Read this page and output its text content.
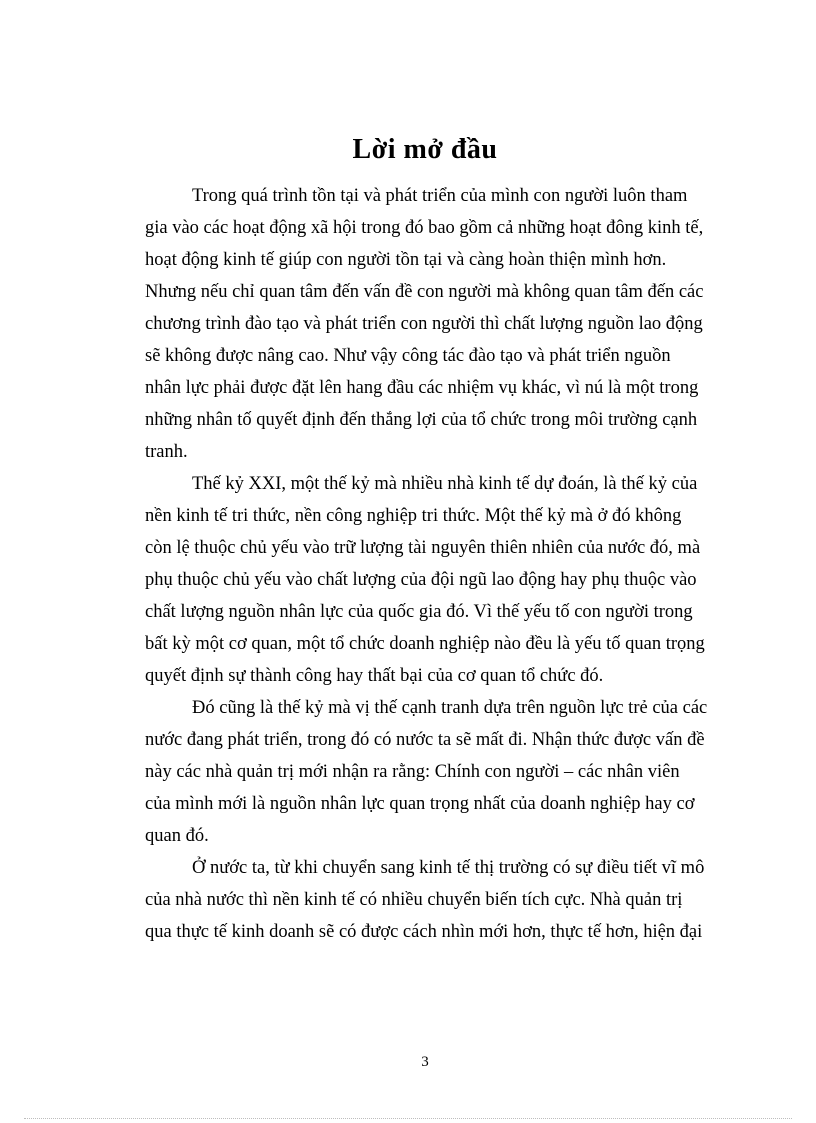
Lời mở đầu
Trong quá trình tồn tại và phát triển của mình con người luôn tham
gia vào các hoạt động xã hội trong đó bao gồm cả những hoạt đông kinh tế,
hoạt động kinh tế giúp con người tồn tại và càng hoàn thiện mình hơn.
Nhưng nếu chỉ quan tâm đến vấn đề con người mà không quan tâm đến các
chương trình đào tạo và phát triển con người thì chất lượng nguồn lao động
sẽ không được nâng cao. Như vậy công tác đào tạo và phát triển nguồn
nhân lực phải được đặt lên hang đầu các nhiệm vụ khác, vì nú là một trong
những nhân tố quyết định đến thắng lợi của tổ chức trong môi trường cạnh
tranh.
Thế kỷ XXI, một thế kỷ mà nhiều nhà kinh tế dự đoán, là thế kỷ của
nền kinh tế tri thức, nền công nghiệp tri thức. Một thế kỷ mà ở đó không
còn lệ thuộc chủ yếu vào trữ lượng tài nguyên thiên nhiên của nước đó, mà
phụ thuộc chủ yếu vào chất lượng của đội ngũ lao động hay phụ thuộc vào
chất lượng nguồn nhân lực của quốc gia đó. Vì thế yếu tố con người trong
bất kỳ một cơ quan, một tổ chức doanh nghiệp nào đều là yếu tố quan trọng
quyết định sự thành công hay thất bại của cơ quan tổ chức đó.
Đó cũng là thế kỷ mà vị thế cạnh tranh dựa trên nguồn lực trẻ của các
nước đang phát triển, trong đó có nước ta sẽ mất đi. Nhận thức được vấn đề
này các nhà quản trị mới nhận ra rằng: Chính con người – các nhân viên
của mình mới là nguồn nhân lực quan trọng nhất của doanh nghiệp hay cơ
quan đó.
Ở nước ta, từ khi chuyển sang kinh tế thị trường có sự điều tiết vĩ mô
của nhà nước thì nền kinh tế có nhiều chuyển biến tích cực. Nhà quản trị
qua thực tế kinh doanh sẽ có được cách nhìn mới hơn, thực tế hơn, hiện đại
3
